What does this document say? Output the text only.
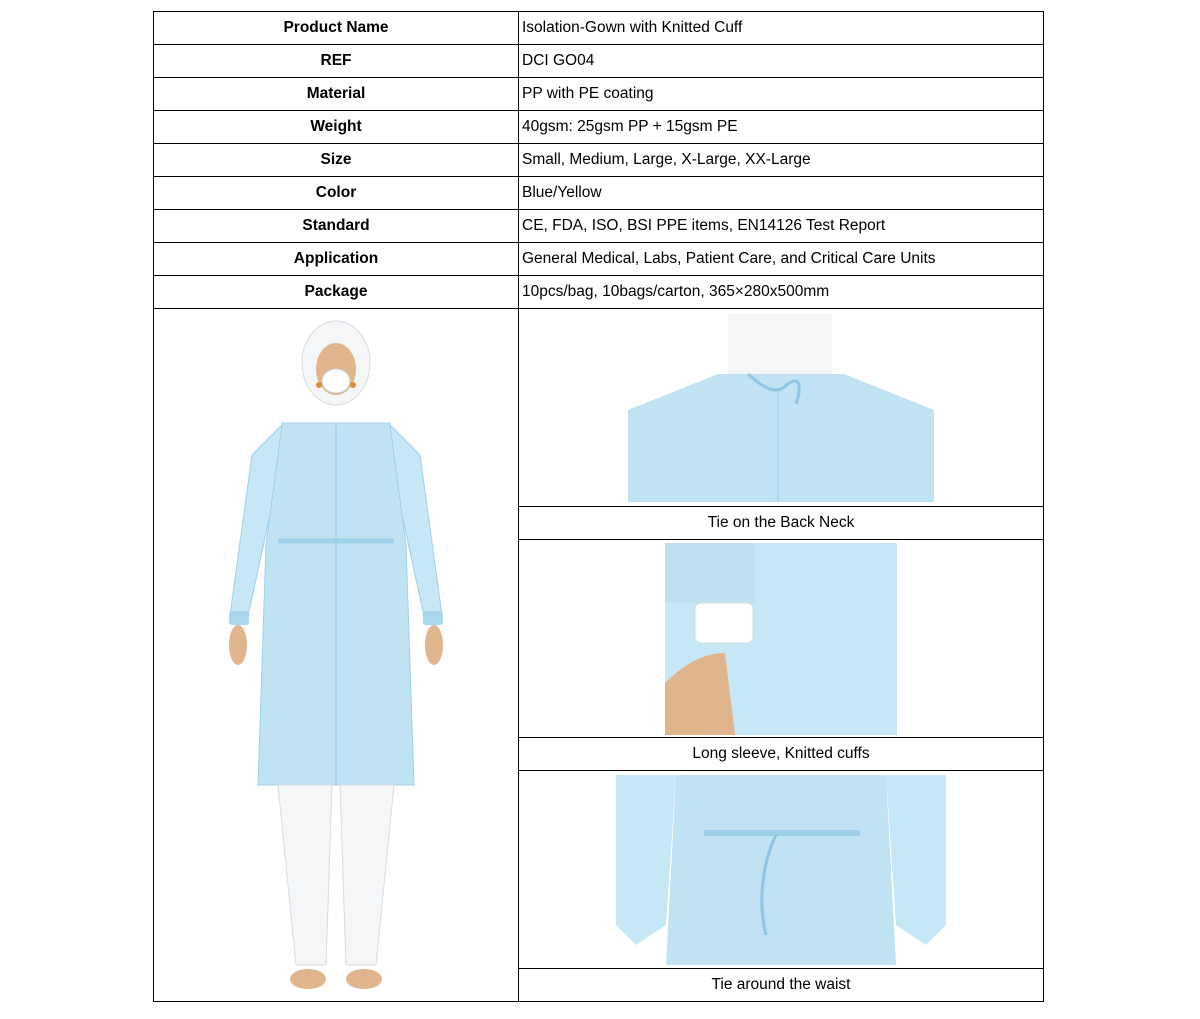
Product Name	Isolation-Gown with Knitted Cuff
REF	DCI GO04
Material	PP with PE coating
Weight	40gsm: 25gsm PP + 15gsm PE
Size	Small, Medium, Large, X-Large, XX-Large
Color	Blue/Yellow
Standard	CE, FDA, ISO, BSI PPE items, EN14126 Test Report
Application	General Medical, Labs, Patient Care, and Critical Care Units
Package	10pcs/bag, 10bags/carton, 365×280x500mm

	Tie on the Back Neck

	Long sleeve, Knitted cuffs

	Tie around the waist
